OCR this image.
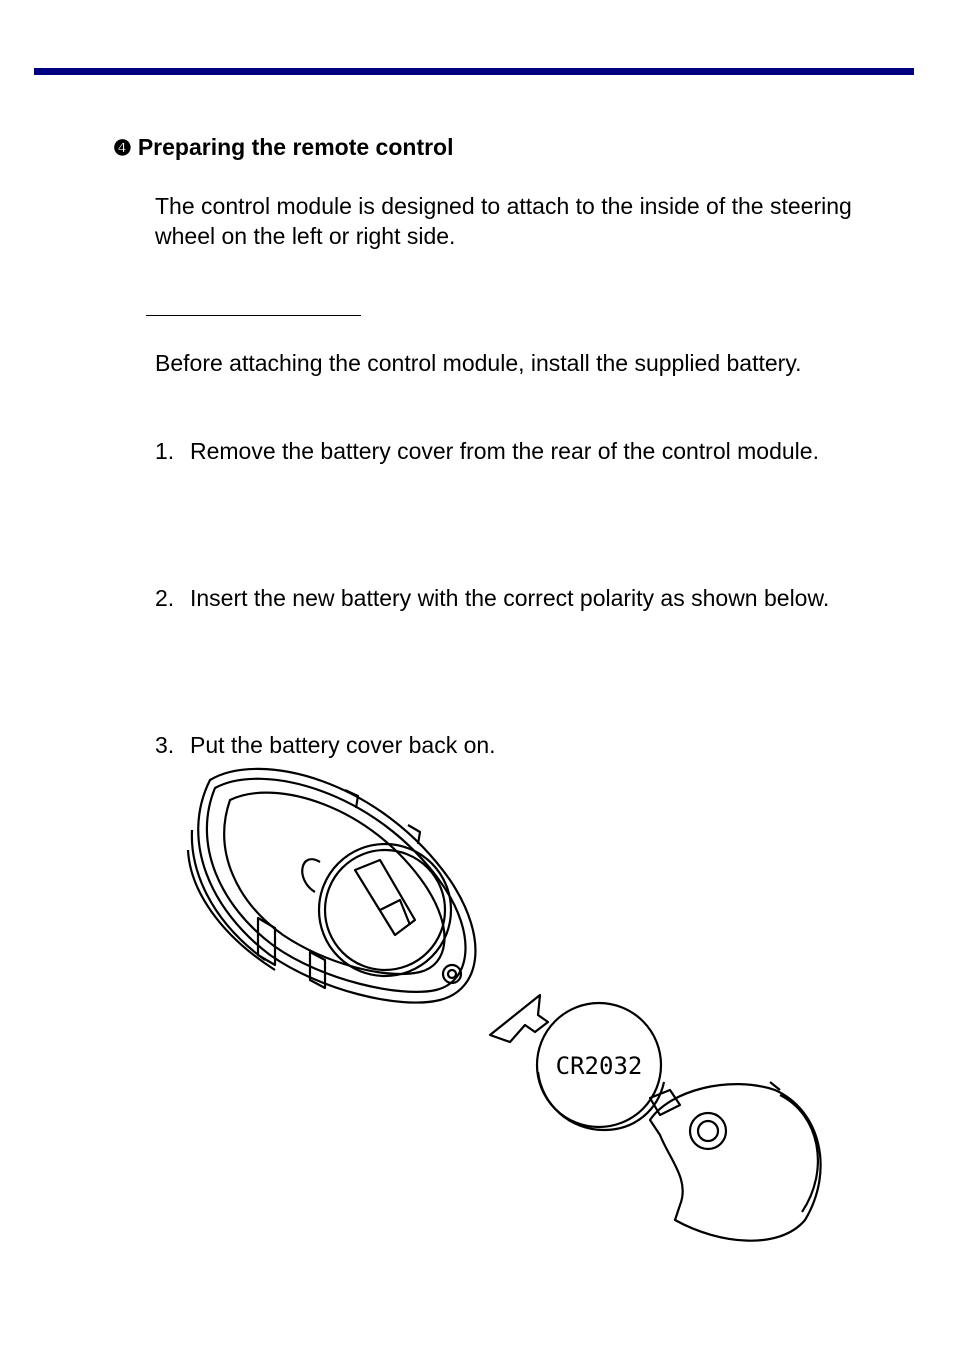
❹ Preparing the remote control
The control module is designed to attach to the inside of the steering wheel on the left or right side.
Before attaching the control module, install the supplied battery.
1. Remove the battery cover from the rear of the control module.
2. Insert the new battery with the correct polarity as shown below.
3. Put the battery cover back on.
CR2032
